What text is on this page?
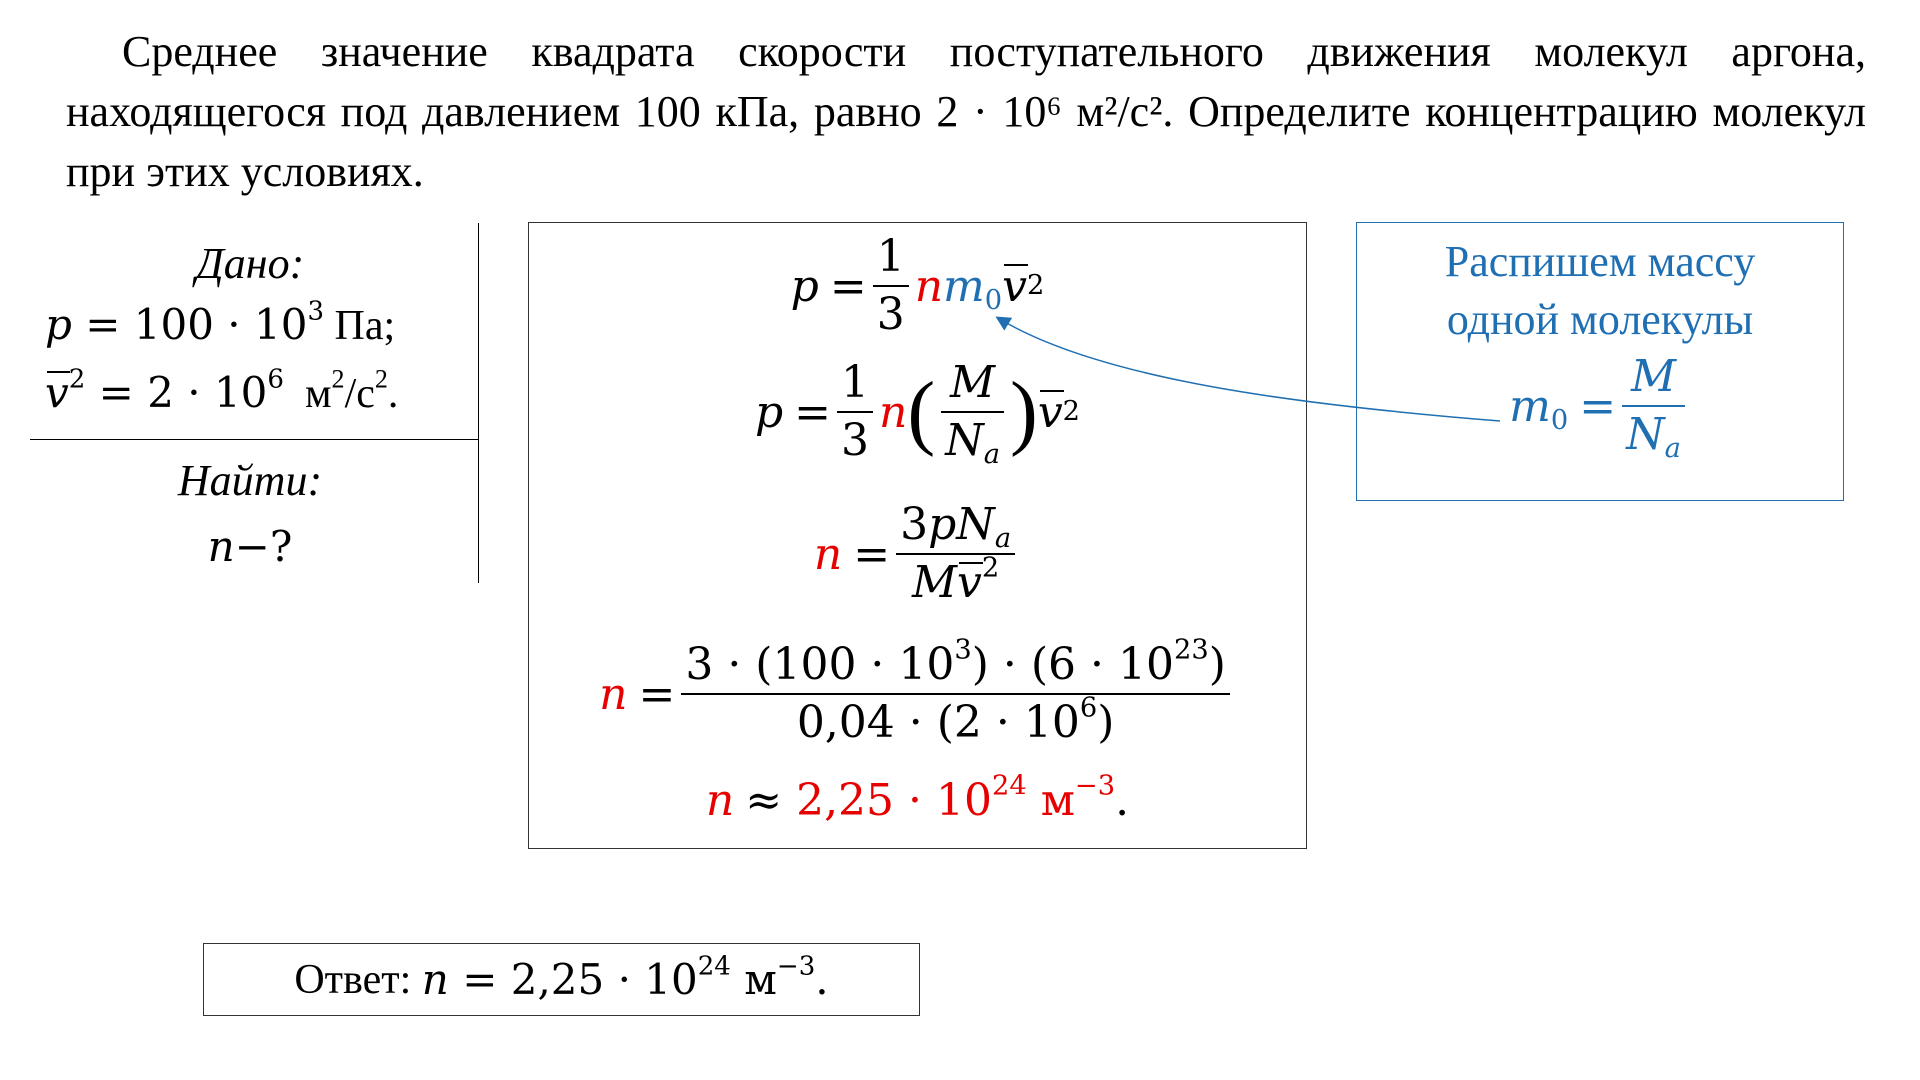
Среднее значение квадрата скорости поступательного движения молекул аргона, находящегося под давлением 100 кПа, равно 2 · 10⁶ м²/с². Определите концентрацию молекул при этих условиях.

Дано:
$p = 100 \cdot 10^3$ Па;
$v^2 = 2 \cdot 10^6$  $м^2/с^2$.
Найти:
n−?
p
= $\frac{1}{3}$ n m0 v 2
p
= $\frac{1}{3}$ n ( $\frac{M}{Na}$ ) v 2
n
= $\frac{\text{3pNa}}{Mv^2}$
n
= $\frac{3 \cdot (100 \cdot 10^3) \cdot (6 \cdot 10^{23})}{0,04 \cdot (2 \cdot 10^6)}$
n
≈ $2,25 \cdot 10^{24}$ $м^{-3}$ .
Распишем массу
одной молекулы
m0
= $\frac{M}{Na}$
Ответ: $n = 2,25 \cdot 10^{24}$ $м^{-3}$.
